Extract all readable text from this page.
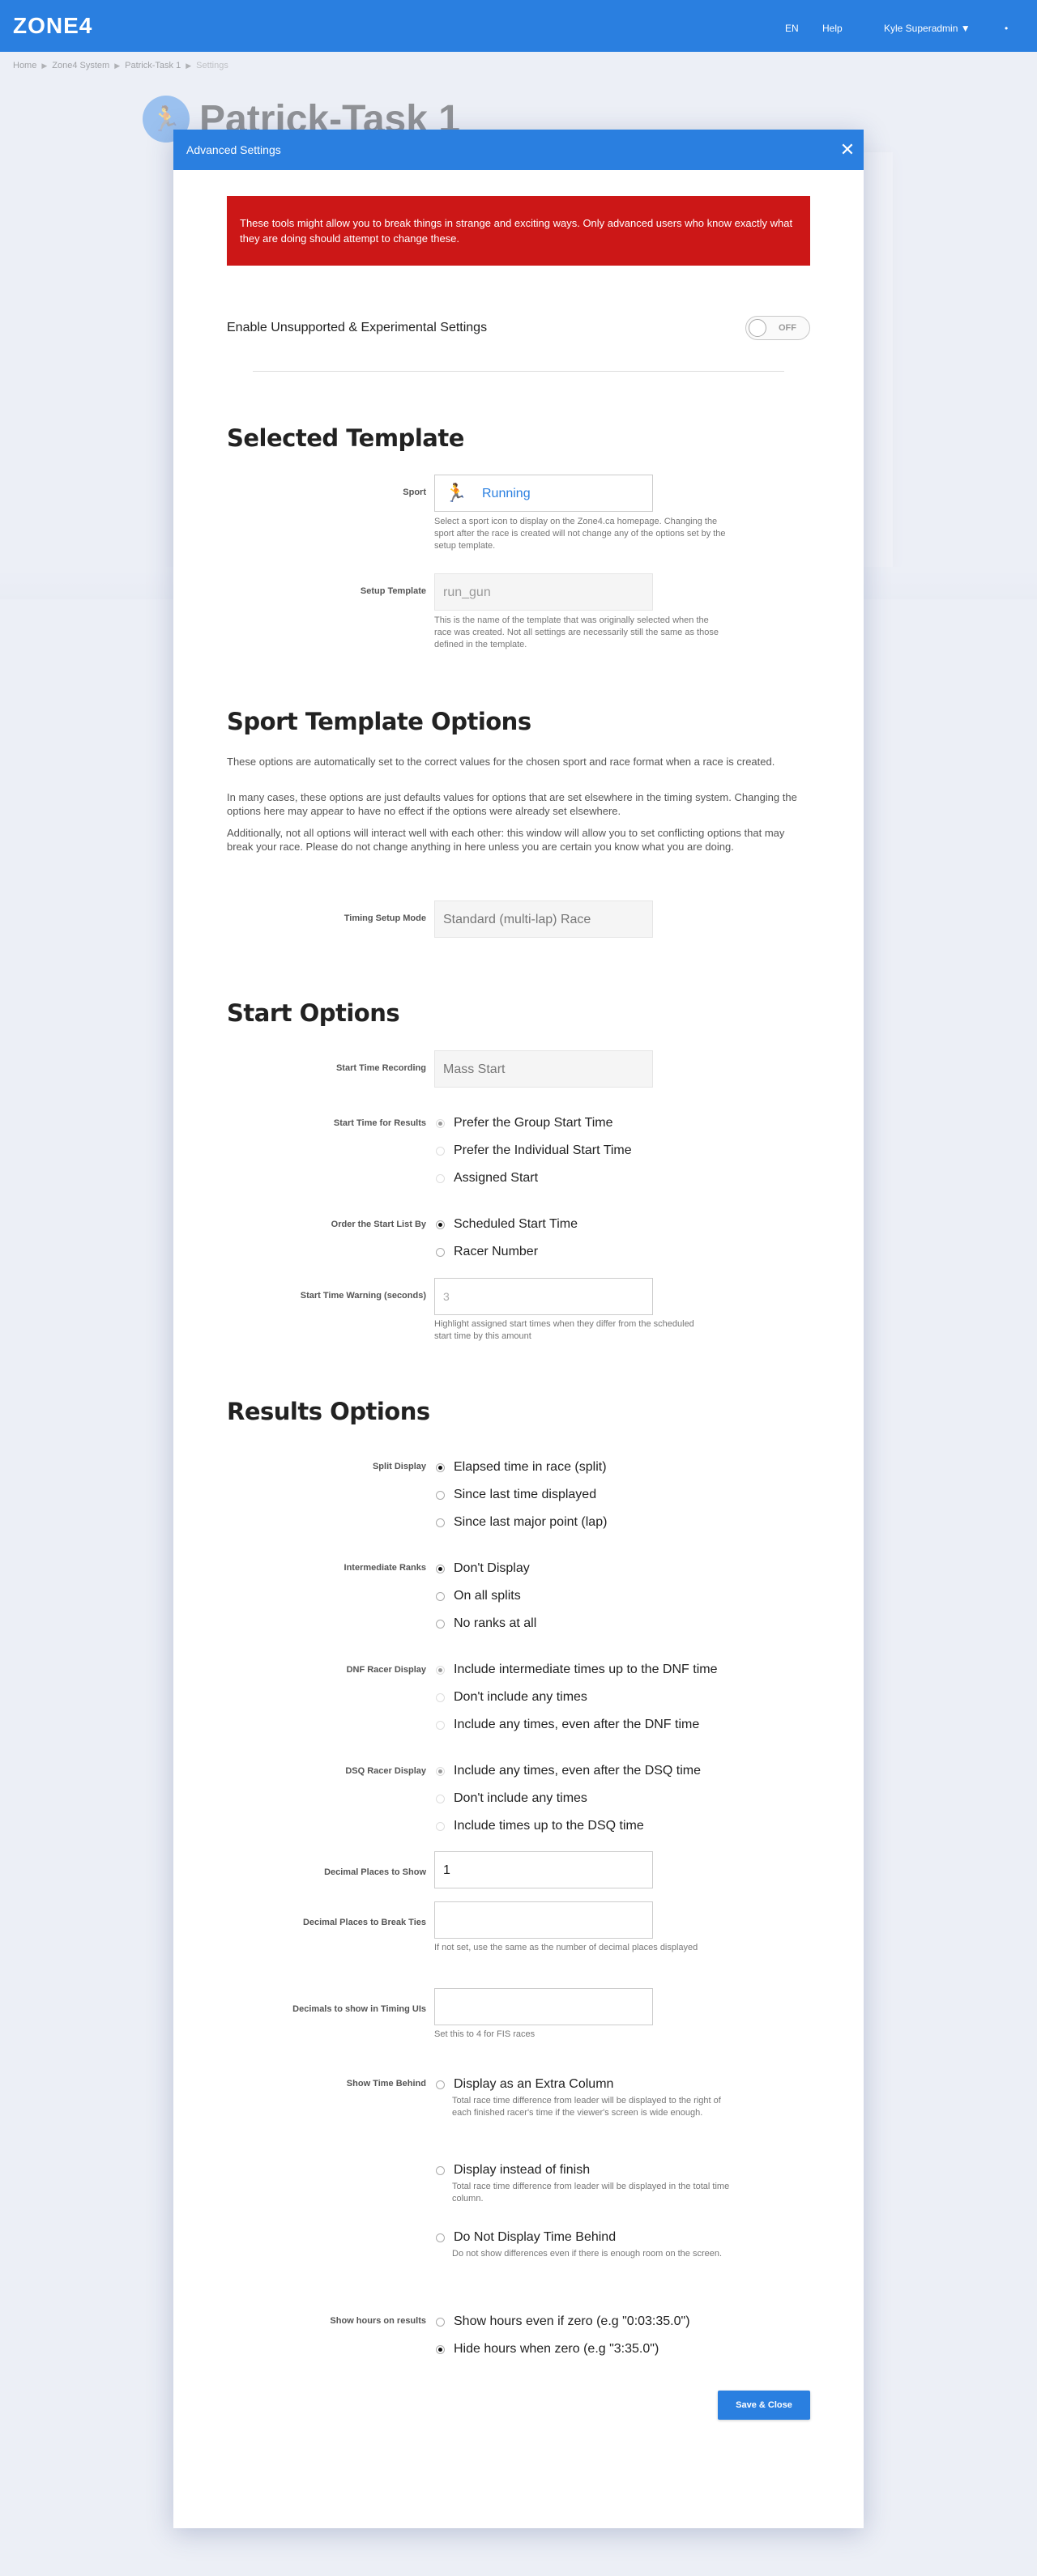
ZONE4	EN Help	Kyle Superadmin ▼	•
Advanced Settings	✕
These tools might allow you to break things in strange and exciting ways. Only advanced users who know exactly what they are doing should attempt to change these.
Enable Unsupported & Experimental Settings	OFF
Selected Template
Sport 🏃 Running
Select a sport icon to display on the Zone4.ca homepage. Changing the sport after the race is created will not change any of the options set by the setup template.
Setup Template	run_gun
This is the name of the template that was originally selected when the race was created. Not all settings are necessarily still the same as those defined in the template.
Sport Template Options
These options are automatically set to the correct values for the chosen sport and race format when a race is created.
In many cases, these options are just defaults values for options that are set elsewhere in the timing system. Changing the options here may appear to have no effect if the options were already set elsewhere.
Additionally, not all options will interact well with each other: this window will allow you to set conflicting options that may break your race. Please do not change anything in here unless you are certain you know what you are doing.
Timing Setup Mode	Standard (multi-lap) Race
Start Options
Start Time Recording	Mass Start
Start Time for Results Prefer the Group Start Time
Prefer the Individual Start Time
Assigned Start
Order the Start List By Scheduled Start Time
Racer Number
Start Time Warning (seconds)	3
Highlight assigned start times when they differ from the scheduled start time by this amount
Results Options
Split Display Elapsed time in race (split)
Since last time displayed
Since last major point (lap)
Intermediate Ranks Don't Display
On all splits
No ranks at all
DNF Racer Display Include intermediate times up to the DNF time
Don't include any times
Include any times, even after the DNF time
DSQ Racer Display Include any times, even after the DSQ time
Don't include any times
Include times up to the DSQ time
Decimal Places to Show	1
Decimal Places to Break Ties
If not set, use the same as the number of decimal places displayed
Decimals to show in Timing UIs
Set this to 4 for FIS races
Show Time Behind Display as an Extra Column
Total race time difference from leader will be displayed to the right of each finished racer's time if the viewer's screen is wide enough.
Display instead of finish
Total race time difference from leader will be displayed in the total time column.
Do Not Display Time Behind
Do not show differences even if there is enough room on the screen.
Show hours on results Show hours even if zero (e.g "0:03:35.0")
Hide hours when zero (e.g "3:35.0")
Save & Close
